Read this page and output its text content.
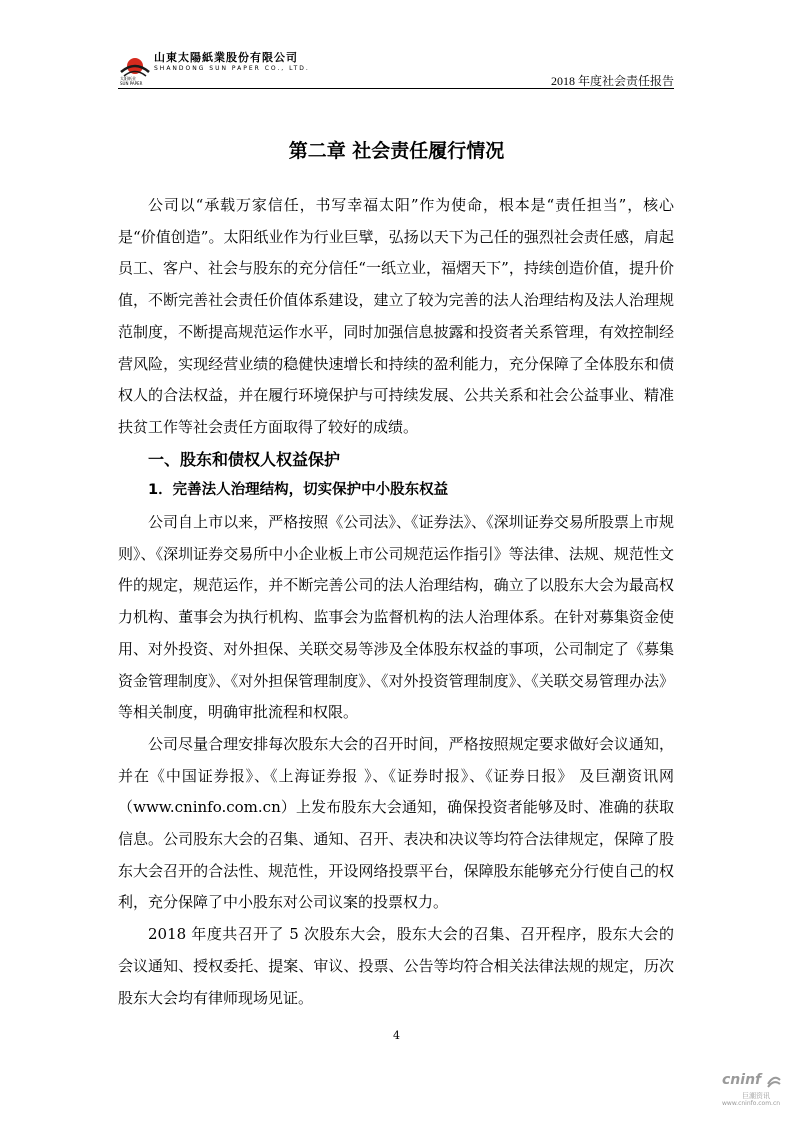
太阳纸业
SUN PAPER
山東太陽紙業股份有限公司
SHANDONG SUN PAPER CO., LTD.
2018 年度社会责任报告
第二章 社会责任履行情况

公司以“承载万家信任，书写幸福太阳”作为使命，根本是“责任担当”，核心是“价值创造”。太阳纸业作为行业巨擘，弘扬以天下为己任的强烈社会责任感，肩起员工、客户、社会与股东的充分信任“一纸立业，福熠天下”，持续创造价值，提升价值，不断完善社会责任价值体系建设，建立了较为完善的法人治理结构及法人治理规范制度，不断提高规范运作水平，同时加强信息披露和投资者关系管理，有效控制经营风险，实现经营业绩的稳健快速增长和持续的盈利能力，充分保障了全体股东和债权人的合法权益，并在履行环境保护与可持续发展、公共关系和社会公益事业、精准扶贫工作等社会责任方面取得了较好的成绩。

一、股东和债权人权益保护

1．完善法人治理结构，切实保护中小股东权益

公司自上市以来，严格按照《公司法》、《证券法》、《深圳证券交易所股票上市规则》、《深圳证券交易所中小企业板上市公司规范运作指引》等法律、法规、规范性文件的规定，规范运作，并不断完善公司的法人治理结构，确立了以股东大会为最高权力机构、董事会为执行机构、监事会为监督机构的法人治理体系。在针对募集资金使用、对外投资、对外担保、关联交易等涉及全体股东权益的事项，公司制定了《募集资金管理制度》、《对外担保管理制度》、《对外投资管理制度》、《关联交易管理办法》等相关制度，明确审批流程和权限。

公司尽量合理安排每次股东大会的召开时间，严格按照规定要求做好会议通知，并在《中国证券报》、《上海证券报 》、《证券时报》、《证券日报》 及巨潮资讯网（www.cninfo.com.cn）上发布股东大会通知，确保投资者能够及时、准确的获取信息。公司股东大会的召集、通知、召开、表决和决议等均符合法律规定，保障了股东大会召开的合法性、规范性，开设网络投票平台，保障股东能够充分行使自己的权利，充分保障了中小股东对公司议案的投票权力。

2018 年度共召开了 5 次股东大会，股东大会的召集、召开程序，股东大会的会议通知、授权委托、提案、审议、投票、公告等均符合相关法律法规的规定，历次股东大会均有律师现场见证。

4
cninf
巨潮资讯
www.cninfo.com.cn
